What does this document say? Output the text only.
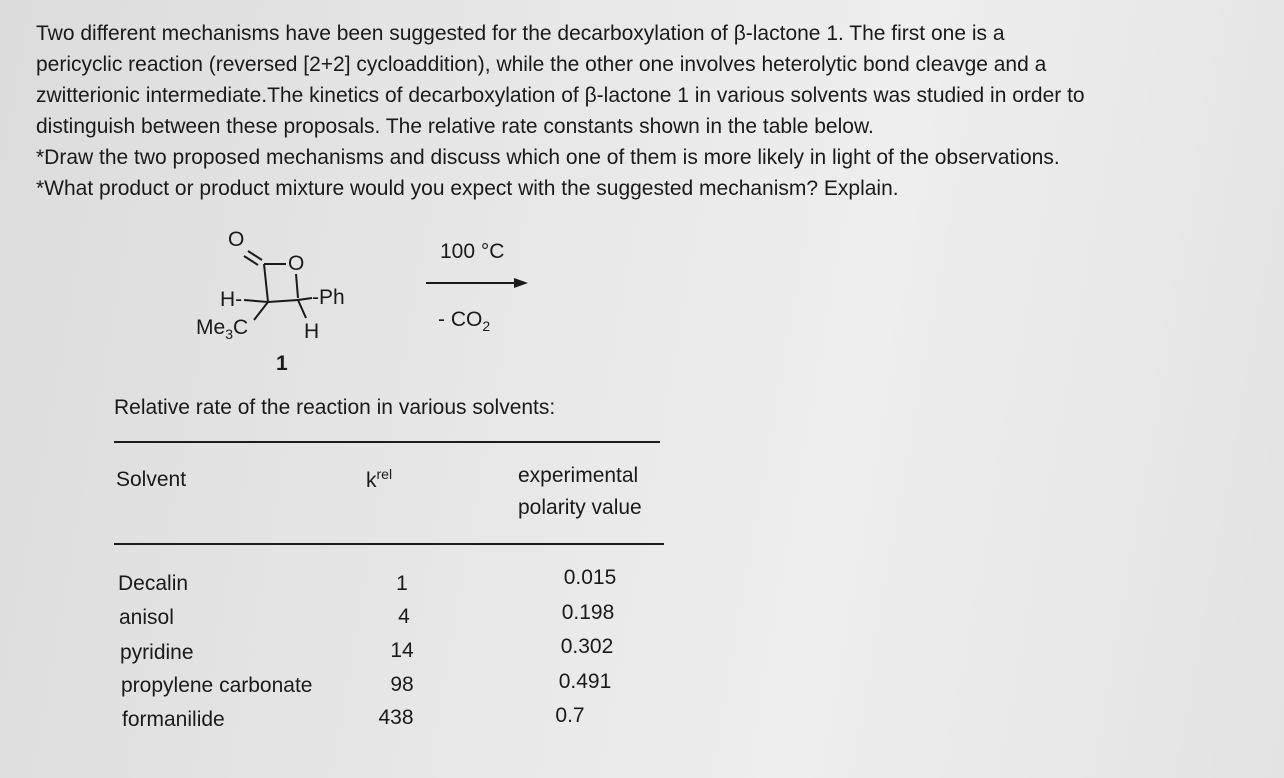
Two different mechanisms have been suggested for the decarboxylation of β-lactone 1. The first one is a
pericyclic reaction (reversed [2+2] cycloaddition), while the other one involves heterolytic bond cleavge and a
zwitterionic intermediate.The kinetics of decarboxylation of β-lactone 1 in various solvents was studied in order to
distinguish between these proposals. The relative rate constants shown in the table below.
*Draw the two proposed mechanisms and discuss which one of them is more likely in light of the observations.
*What product or product mixture would you expect with the suggested mechanism? Explain.
O
O
H-	-Ph
$Me_3C$	H
1
100 °C
- $CO_2$
Relative rate of the reaction in various solvents:
Solvent	$k^{rel}$	experimental
polarity value
Decalin	1	0.015
anisol	4	0.198
pyridine	14	0.302
propylene carbonate	98	0.491
formanilide	438	0.7
